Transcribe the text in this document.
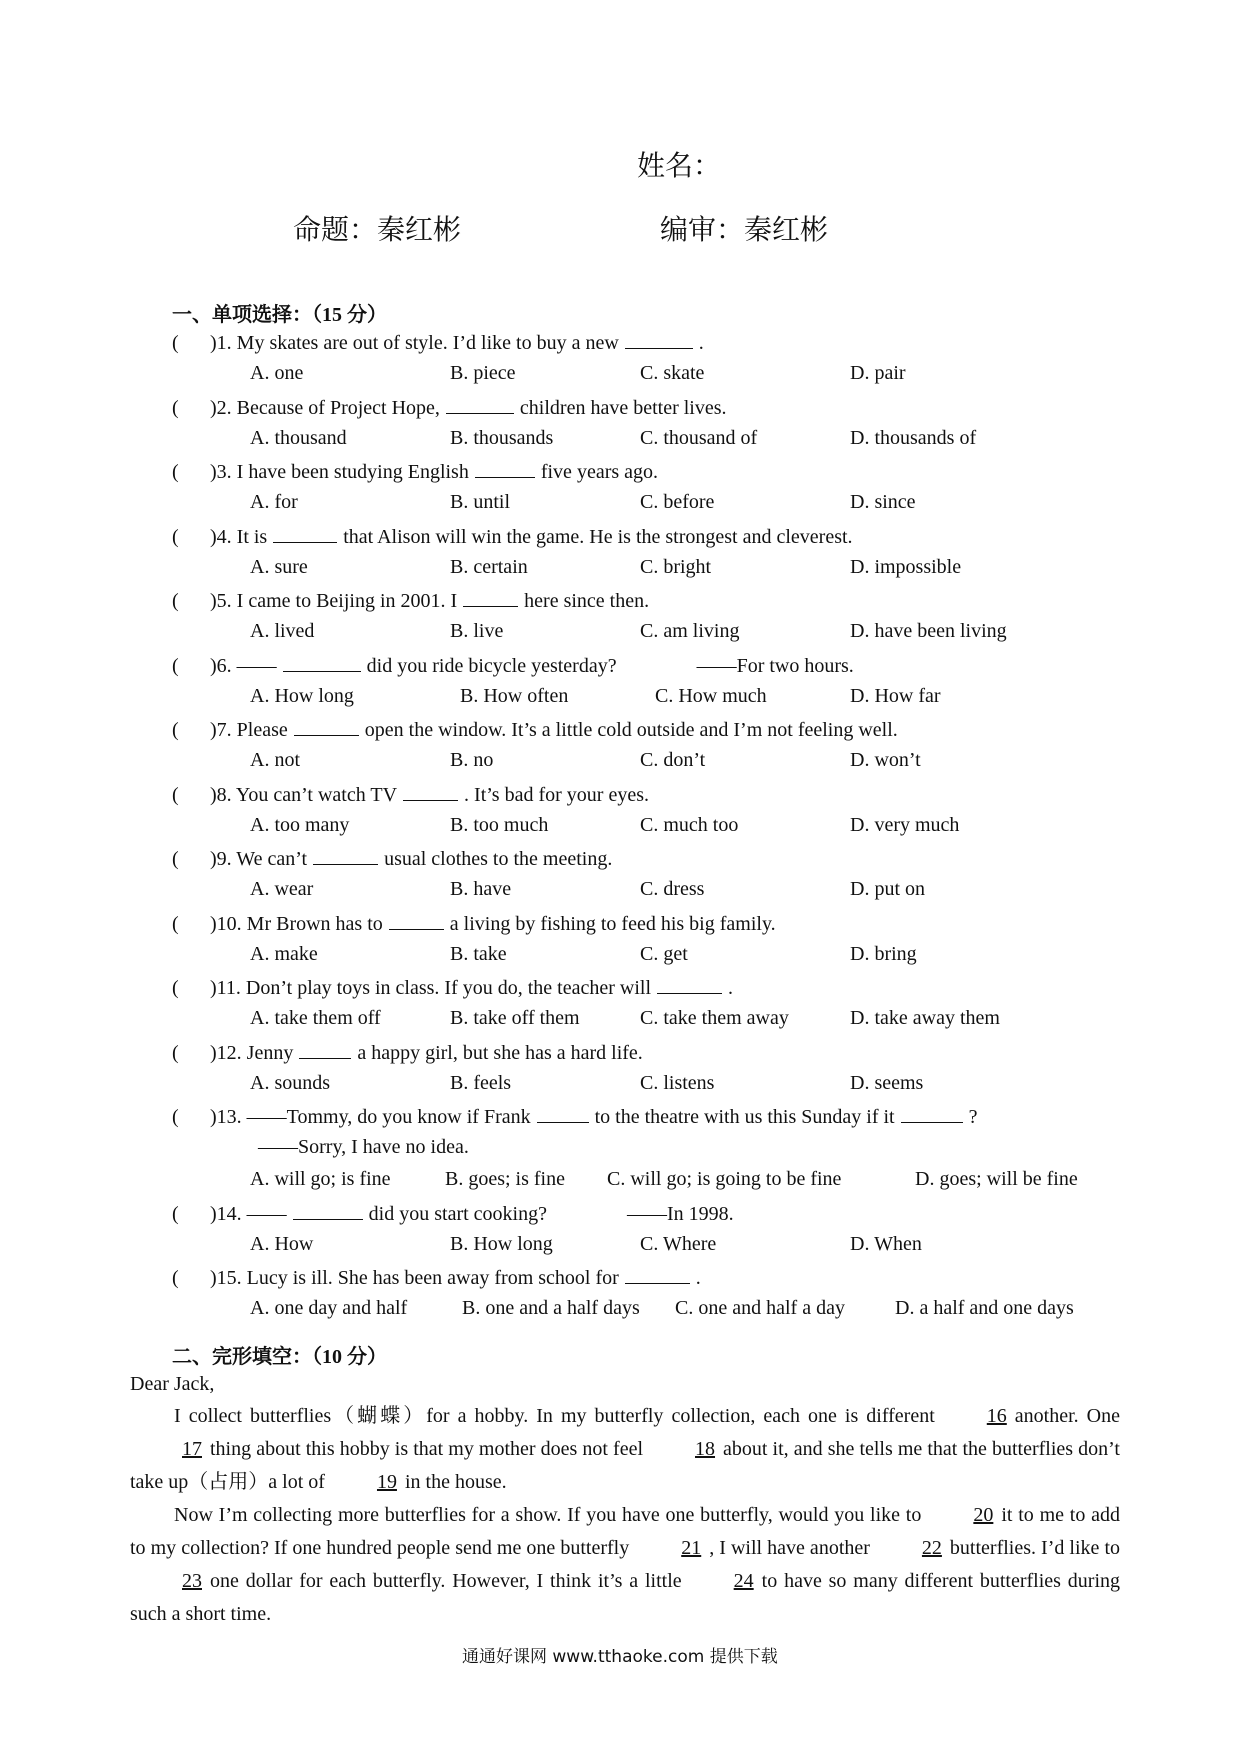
姓名：
命题：秦红彬	编审：秦红彬
一、单项选择：（15 分）
( )1. My skates are out of style. I’d like to buy a new	.
A. one	B. piece	C. skate	D. pair
( )2. Because of Project Hope,	children have better lives.
A. thousand	B. thousands	C. thousand of	D. thousands of
( )3. I have been studying English	five years ago.
A. for	B. until	C. before	D. since
( )4. It is	that Alison will win the game. He is the strongest and cleverest.
A. sure	B. certain	C. bright	D. impossible
( )5. I came to Beijing in 2001. I	here since then.
A. lived	B. live	C. am living	D. have been living
( )6. ——	did you ride bicycle yesterday?	——For two hours.
A. How long	B. How often	C. How much	D. How far
( )7. Please	open the window. It’s a little cold outside and I’m not feeling well.
A. not	B. no	C. don’t	D. won’t
( )8. You can’t watch TV	. It’s bad for your eyes.
A. too many	B. too much	C. much too	D. very much
( )9. We can’t	usual clothes to the meeting.
A. wear	B. have	C. dress	D. put on
( )10. Mr Brown has to	a living by fishing to feed his big family.
A. make	B. take	C. get	D. bring
( )11. Don’t play toys in class. If you do, the teacher will	.
A. take them off	B. take off them	C. take them away	D. take away them
( )12. Jenny	a happy girl, but she has a hard life.
A. sounds	B. feels	C. listens	D. seems
( )13. ——Tommy, do you know if Frank	to the theatre with us this Sunday if it	?
——Sorry, I have no idea.
A. will go; is fine	B. goes; is fine C. will go; is going to be fine	D. goes; will be fine
( )14. ——	did you start cooking?	——In 1998.
A. How	B. How long	C. Where	D. When
( )15. Lucy is ill. She has been away from school for	.
A. one day and half	B. one and a half days C. one and half a day	D. a half and one days
二、完形填空：（10 分）
Dear Jack,

I collect butterflies（蝴蝶）for a hobby. In my butterfly collection, each one is different	16 another. One 17 thing about this hobby is that my mother does not feel	18 about it, and she tells me that the butterflies don’t take up（占用）a lot of	19 in the house.

Now I’m collecting more butterflies for a show. If you have one butterfly, would you like to	20 it to me to add to my collection? If one hundred people send me one butterfly	21 , I will have another	22 butterflies. I’d like to23 one dollar for each butterfly. However, I think it’s a little	24 to have so many different butterflies during such a short time.

通通好课网 www.tthaoke.com 提供下载
